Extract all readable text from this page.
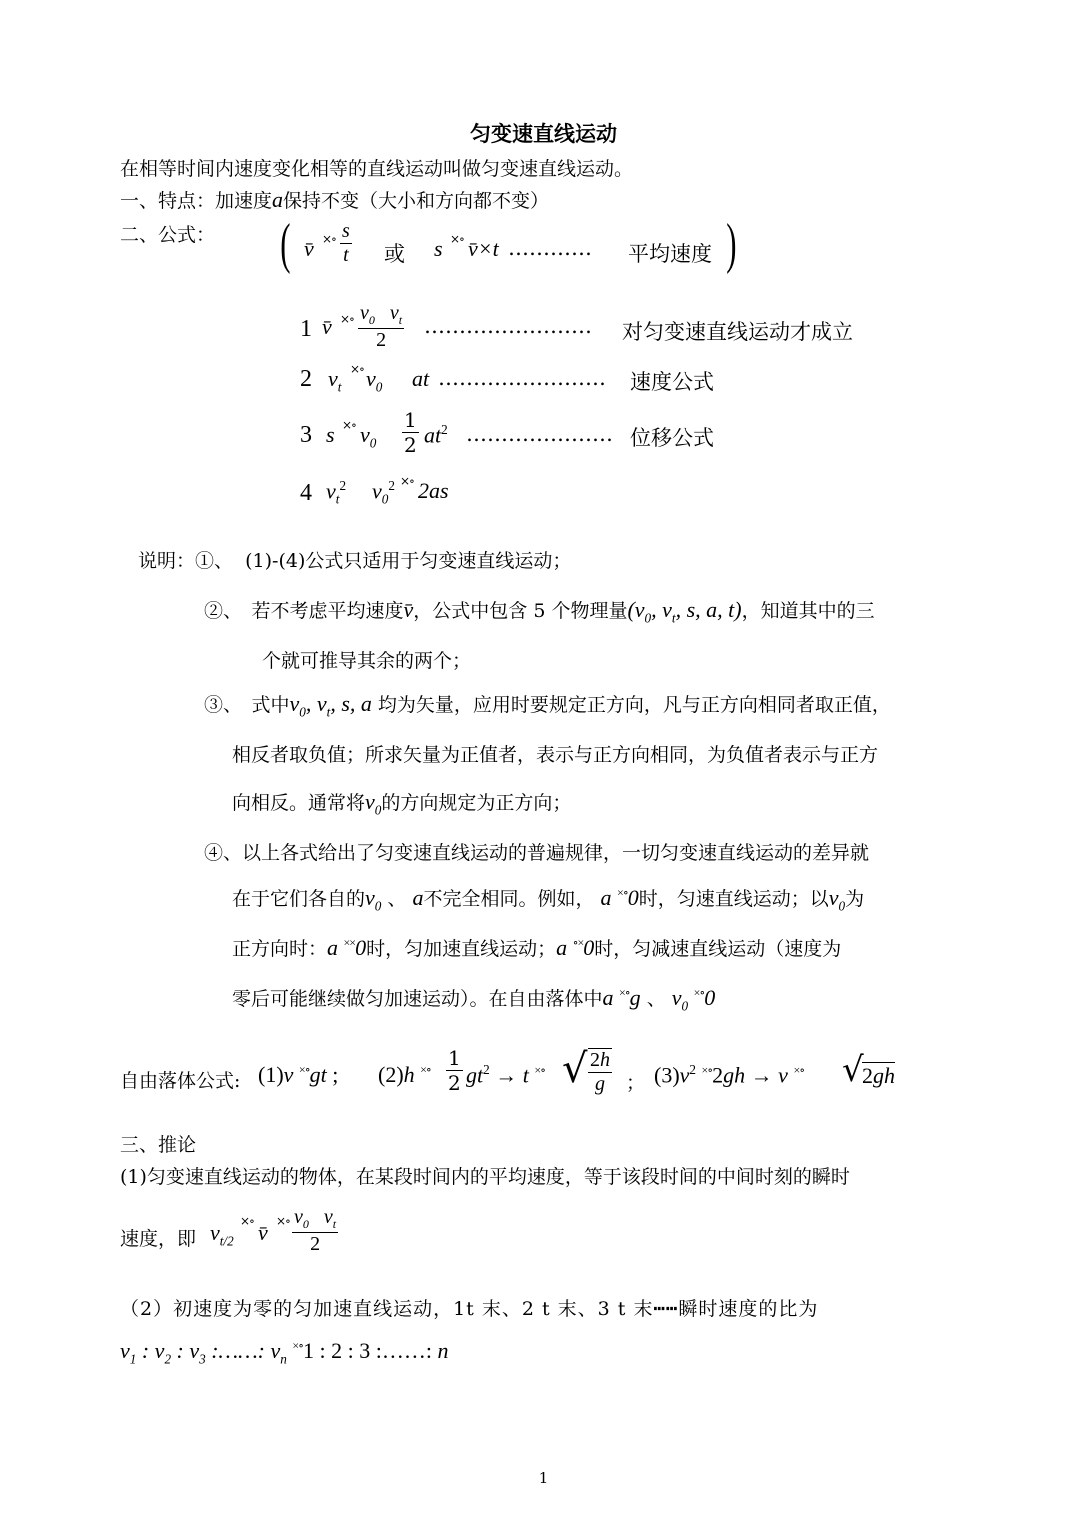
匀变速直线运动
在相等时间内速度变化相等的直线运动叫做匀变速直线运动。
一、特点：加速度a保持不变（大小和方向都不变）
二、公式： ( v̄ ×∘ $\frac{s}{t}$ 或 s ×∘ v̄×t ………… 平均速度 )
1 v̄ ×∘ $\frac{v_0 v_t}{2}$ …………………… 对匀变速直线运动才成立
2 $v_t$
×∘ $v_0$ at …………………… 速度公式
3 s ×∘ $v_0 \frac{1}{2} at^2$ ………………… 位移公式
4 $v_t^2$ $v_0^2$ ×∘ 2as
说明：①、 (1)-(4)公式只适用于匀变速直线运动；
②、　若不考虑平均速度v̄，公式中包含 5 个物理量($v_0$, $v_t$, s, a, t)，知道其中的三
个就可推导其余的两个；
③、　式中$v_0$, $v_t$, s, a 均为矢量，应用时要规定正方向，凡与正方向相同者取正值，
相反者取负值；所求矢量为正值者，表示与正方向相同，为负值者表示与正方
向相反。通常将$v_0$的方向规定为正方向；
④、以上各式给出了匀变速直线运动的普遍规律，一切匀变速直线运动的差异就
在于它们各自的$v_0$ 、 a不完全相同。例如， a ×∘0时，匀速直线运动；以$v_0$为
正方向时：a ××0时，匀加速直线运动；a ∘×0时，匀减速直线运动（速度为
零后可能继续做匀加速运动）。在自由落体中a ×∘g 、 $v_0$ ×∘0
自由落体公式: (1)v ×∘gt ; (2)h $^{\times\circ} \frac{1}{2} gt^2 \to t$ ×∘ √ $\frac{2h}{g}$ ； $(3)v^2$ ×∘2gh → v ×∘ √
2gh
三、推论
(1)匀变速直线运动的物体，在某段时间内的平均速度，等于该段时间的中间时刻的瞬时
速度，即 $v_{t/2}$
×∘ v̄ ×∘ $\frac{v_0 v_t}{2}$
（2）初速度为零的匀加速直线运动，1t 末、2 t 末、3 t 末┅┅瞬时速度的比为
$v_1$ : $v_2$ : $v_3$ :……: $v_n$ ×∘1 : 2 : 3 :……: n
1
